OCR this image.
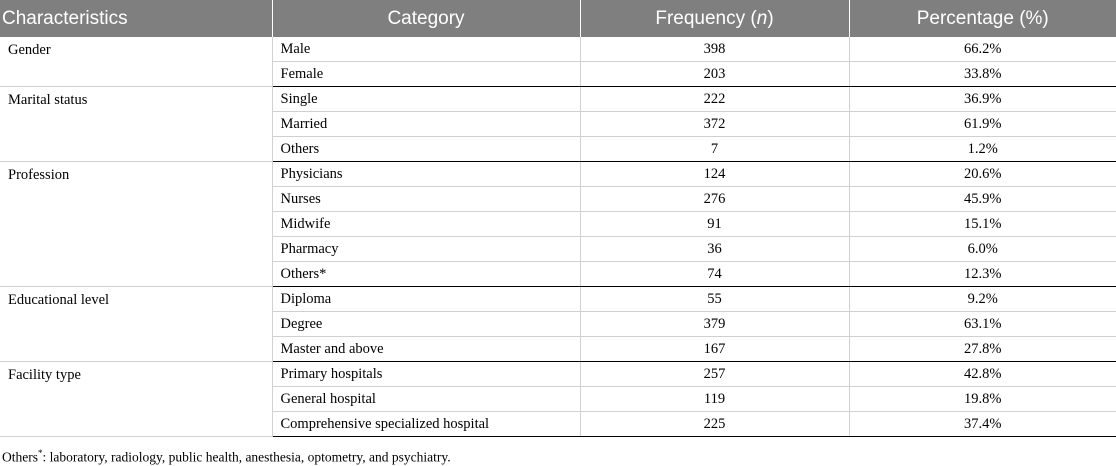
Characteristics	Category	Frequency (n)	Percentage (%)
Gender	Male	398	66.2%
	Female	203	33.8%
Marital status	Single	222	36.9%
	Married	372	61.9%
	Others	7	1.2%
Profession	Physicians	124	20.6%
	Nurses	276	45.9%
	Midwife	91	15.1%
	Pharmacy	36	6.0%
	Others*	74	12.3%
Educational level	Diploma	55	9.2%
	Degree	379	63.1%
	Master and above	167	27.8%
Facility type	Primary hospitals	257	42.8%
	General hospital	119	19.8%
	Comprehensive specialized hospital	225	37.4%
Others*: laboratory, radiology, public health, anesthesia, optometry, and psychiatry.
